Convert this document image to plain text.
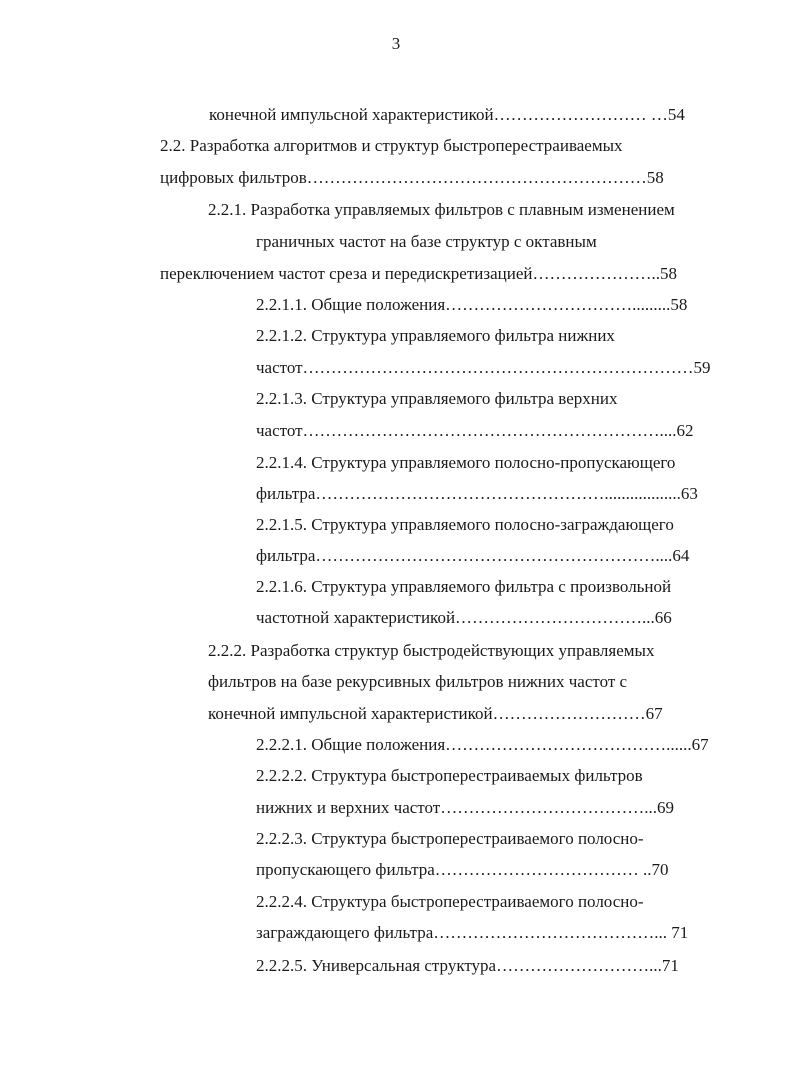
3
конечной импульсной характеристикой……………………… …54
2.2. Разработка алгоритмов и структур быстроперестраиваемых
цифровых фильтров……………………………………………………58
2.2.1. Разработка управляемых фильтров с плавным изменением
граничных частот на базе структур с октавным
переключением частот среза и передискретизацией…………………..58
2.2.1.1. Общие положения…………………………….........58
2.2.1.2. Структура управляемого фильтра нижних
частот……………………………………………………………59
2.2.1.3. Структура управляемого фильтра верхних
частот………………………………………………………....62
2.2.1.4. Структура управляемого полосно-пропускающего
фильтра……………………………………………..................63
2.2.1.5. Структура управляемого полосно-заграждающего
фильтра……………………………………………………....64
2.2.1.6. Структура управляемого фильтра с произвольной
частотной характеристикой……………………………...66
2.2.2. Разработка структур быстродействующих управляемых
фильтров на базе рекурсивных фильтров нижних частот с
конечной импульсной характеристикой………………………67
2.2.2.1. Общие положения…………………………………......67
2.2.2.2. Структура быстроперестраиваемых фильтров
нижних и верхних частот………………………………...69
2.2.2.3. Структура быстроперестраиваемого полосно-
пропускающего фильтра……………………………… ..70
2.2.2.4. Структура быстроперестраиваемого полосно-
заграждающего фильтра…………………………………... 71
2.2.2.5. Универсальная структура………………………...71
